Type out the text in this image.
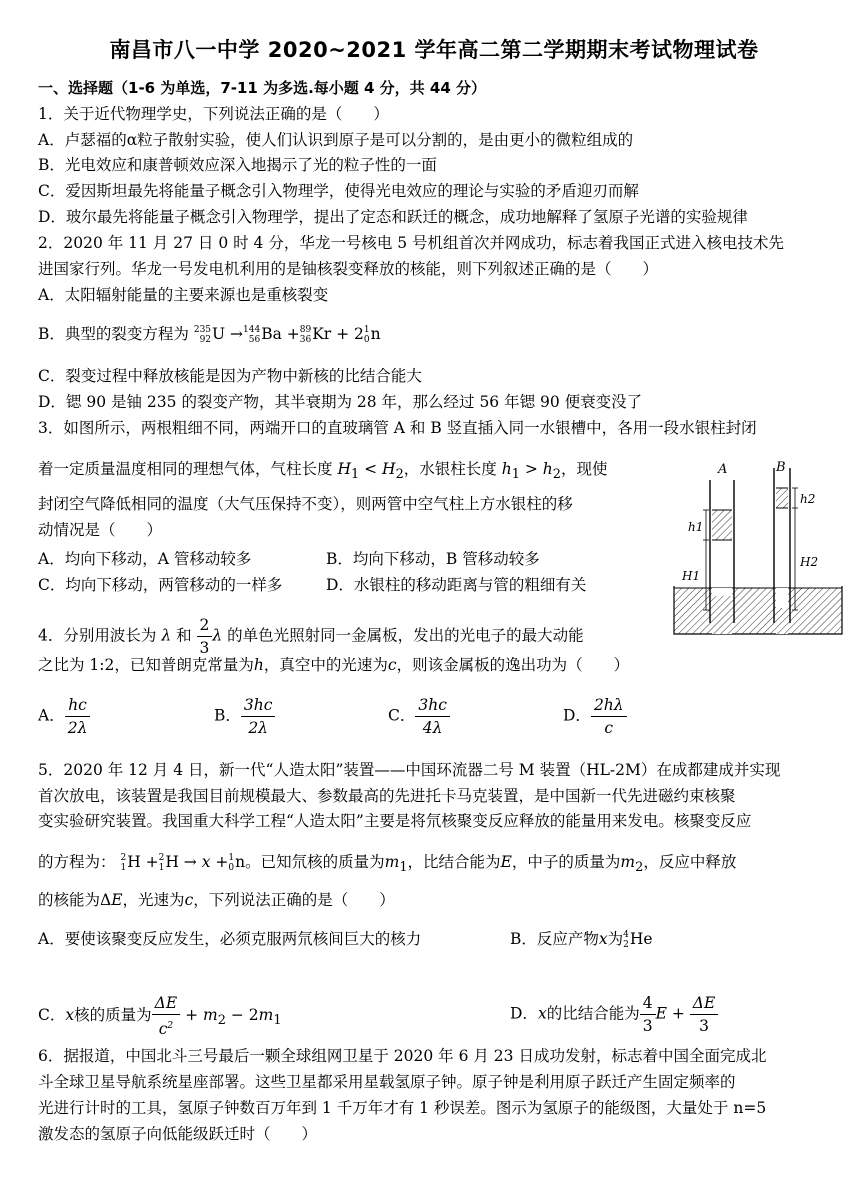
南昌市八一中学 2020~2021 学年高二第二学期期末考试物理试卷
一、选择题（1-6 为单选，7-11 为多选.每小题 4 分，共 44 分）
1．关于近代物理学史，下列说法正确的是（　　）
A．卢瑟福的α粒子散射实验，使人们认识到原子是可以分割的，是由更小的微粒组成的
B．光电效应和康普顿效应深入地揭示了光的粒子性的一面
C．爱因斯坦最先将能量子概念引入物理学，使得光电效应的理论与实验的矛盾迎刃而解
D．玻尔最先将能量子概念引入物理学，提出了定态和跃迁的概念，成功地解释了氢原子光谱的实验规律
2．2020 年 11 月 27 日 0 时 4 分，华龙一号核电 5 号机组首次并网成功，标志着我国正式进入核电技术先
进国家行列。华龙一号发电机利用的是铀核裂变释放的核能，则下列叙述正确的是（　　）
A．太阳辐射能量的主要来源也是重核裂变
B．典型的裂变方程为 235
92 U → 144
56 Ba + 89
36 Kr + 2 1
0 n
C．裂变过程中释放核能是因为产物中新核的比结合能大
D．锶 90 是铀 235 的裂变产物，其半衰期为 28 年，那么经过 56 年锶 90 便衰变没了
3．如图所示，两根粗细不同，两端开口的直玻璃管 A 和 B 竖直插入同一水银槽中，各用一段水银柱封闭
着一定质量温度相同的理想气体，气柱长度 $H_1 < H_2$，水银柱长度 $h_1 > h_2$，现使
封闭空气降低相同的温度（大气压保持不变），则两管中空气柱上方水银柱的移
动情况是（　　）
A．均向下移动，A 管移动较多	B．均向下移动，B 管移动较多
C．均向下移动，两管移动的一样多	D．水银柱的移动距离与管的粗细有关
A	B
h1
h2
H1
H2
4．分别用波长为 λ 和 $\frac{2}{3}$ λ 的单色光照射同一金属板，发出的光电子的最大动能
之比为 1:2，已知普朗克常量为h，真空中的光速为c，则该金属板的逸出功为（　　）
A． $\frac{hc}{2\lambda}$	B． $\frac{3hc}{2\lambda}$	C． $\frac{3hc}{4\lambda}$	D． $\frac{2h\lambda}{c}$
5．2020 年 12 月 4 日，新一代“人造太阳”装置——中国环流器二号 M 装置（HL-2M）在成都建成并实现
首次放电，该装置是我国目前规模最大、参数最高的先进托卡马克装置，是中国新一代先进磁约束核聚
变实验研究装置。我国重大科学工程“人造太阳”主要是将氘核聚变反应释放的能量用来发电。核聚变反应
的方程为： 2
1 H + 2
1 H → x + 1
0 n。已知氘核的质量为$m_1$，比结合能为E，中子的质量为$m_2$，反应中释放
的核能为ΔE，光速为c，下列说法正确的是（　　）
A．要使该聚变反应发生，必须克服两氘核间巨大的核力	B．反应产物x为 4
2 He
C．x核的质量为 $\frac{\Delta E}{c^2} + m_2 - 2m_1$	D．x的比结合能为 $\frac{4}{3}$ $E + \frac{\Delta E}{3}$
6．据报道，中国北斗三号最后一颗全球组网卫星于 2020 年 6 月 23 日成功发射，标志着中国全面完成北
斗全球卫星导航系统星座部署。这些卫星都采用星载氢原子钟。原子钟是利用原子跃迁产生固定频率的
光进行计时的工具，氢原子钟数百万年到 1 千万年才有 1 秒误差。图示为氢原子的能级图，大量处于 n=5
激发态的氢原子向低能级跃迁时（　　）
